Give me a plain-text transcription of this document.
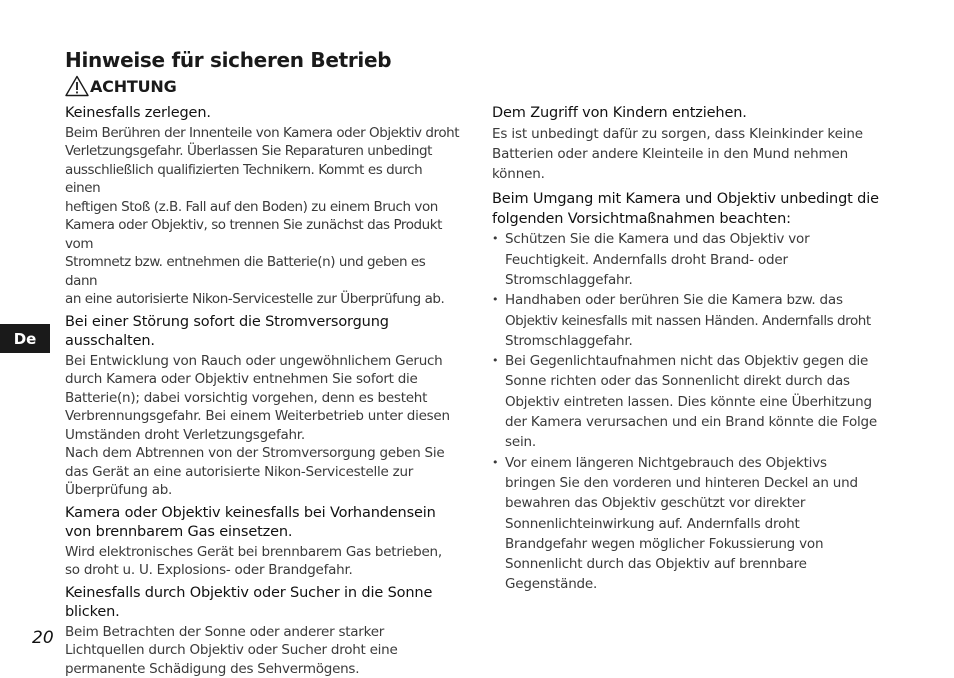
Hinweise für sicheren Betrieb
ACHTUNG
Keinesfalls zerlegen.
Beim Berühren der Innenteile von Kamera oder Objektiv droht
Verletzungsgefahr. Überlassen Sie Reparaturen unbedingt
ausschließlich qualifizierten Technikern. Kommt es durch einen
heftigen Stoß (z.B. Fall auf den Boden) zu einem Bruch von
Kamera oder Objektiv, so trennen Sie zunächst das Produkt vom
Stromnetz bzw. entnehmen die Batterie(n) und geben es dann
an eine autorisierte Nikon-Servicestelle zur Überprüfung ab.
Bei einer Störung sofort die Stromversorgung ausschalten.
Bei Entwicklung von Rauch oder ungewöhnlichem Geruch
durch Kamera oder Objektiv entnehmen Sie sofort die
Batterie(n); dabei vorsichtig vorgehen, denn es besteht
Verbrennungsgefahr. Bei einem Weiterbetrieb unter diesen
Umständen droht Verletzungsgefahr.
Nach dem Abtrennen von der Stromversorgung geben Sie
das Gerät an eine autorisierte Nikon-Servicestelle zur
Überprüfung ab.
Kamera oder Objektiv keinesfalls bei Vorhandensein von brennbarem Gas einsetzen.
Wird elektronisches Gerät bei brennbarem Gas betrieben,
so droht u. U. Explosions- oder Brandgefahr.
Keinesfalls durch Objektiv oder Sucher in die Sonne blicken.
Beim Betrachten der Sonne oder anderer starker
Lichtquellen durch Objektiv oder Sucher droht eine
permanente Schädigung des Sehvermögens.
Dem Zugriff von Kindern entziehen.
Es ist unbedingt dafür zu sorgen, dass Kleinkinder keine
Batterien oder andere Kleinteile in den Mund nehmen
können.
Beim Umgang mit Kamera und Objektiv unbedingt die folgenden Vorsichtmaßnahmen beachten:
• Schützen Sie die Kamera und das Objektiv vor
Feuchtigkeit. Andernfalls droht Brand- oder
Stromschlaggefahr.
• Handhaben oder berühren Sie die Kamera bzw. das
Objektiv keinesfalls mit nassen Händen. Andernfalls droht
Stromschlaggefahr.
• Bei Gegenlichtaufnahmen nicht das Objektiv gegen die
Sonne richten oder das Sonnenlicht direkt durch das
Objektiv eintreten lassen. Dies könnte eine Überhitzung
der Kamera verursachen und ein Brand könnte die Folge
sein.
• Vor einem längeren Nichtgebrauch des Objektivs
bringen Sie den vorderen und hinteren Deckel an und
bewahren das Objektiv geschützt vor direkter
Sonnenlichteinwirkung auf. Andernfalls droht
Brandgefahr wegen möglicher Fokussierung von
Sonnenlicht durch das Objektiv auf brennbare
Gegenstände.
De
20
